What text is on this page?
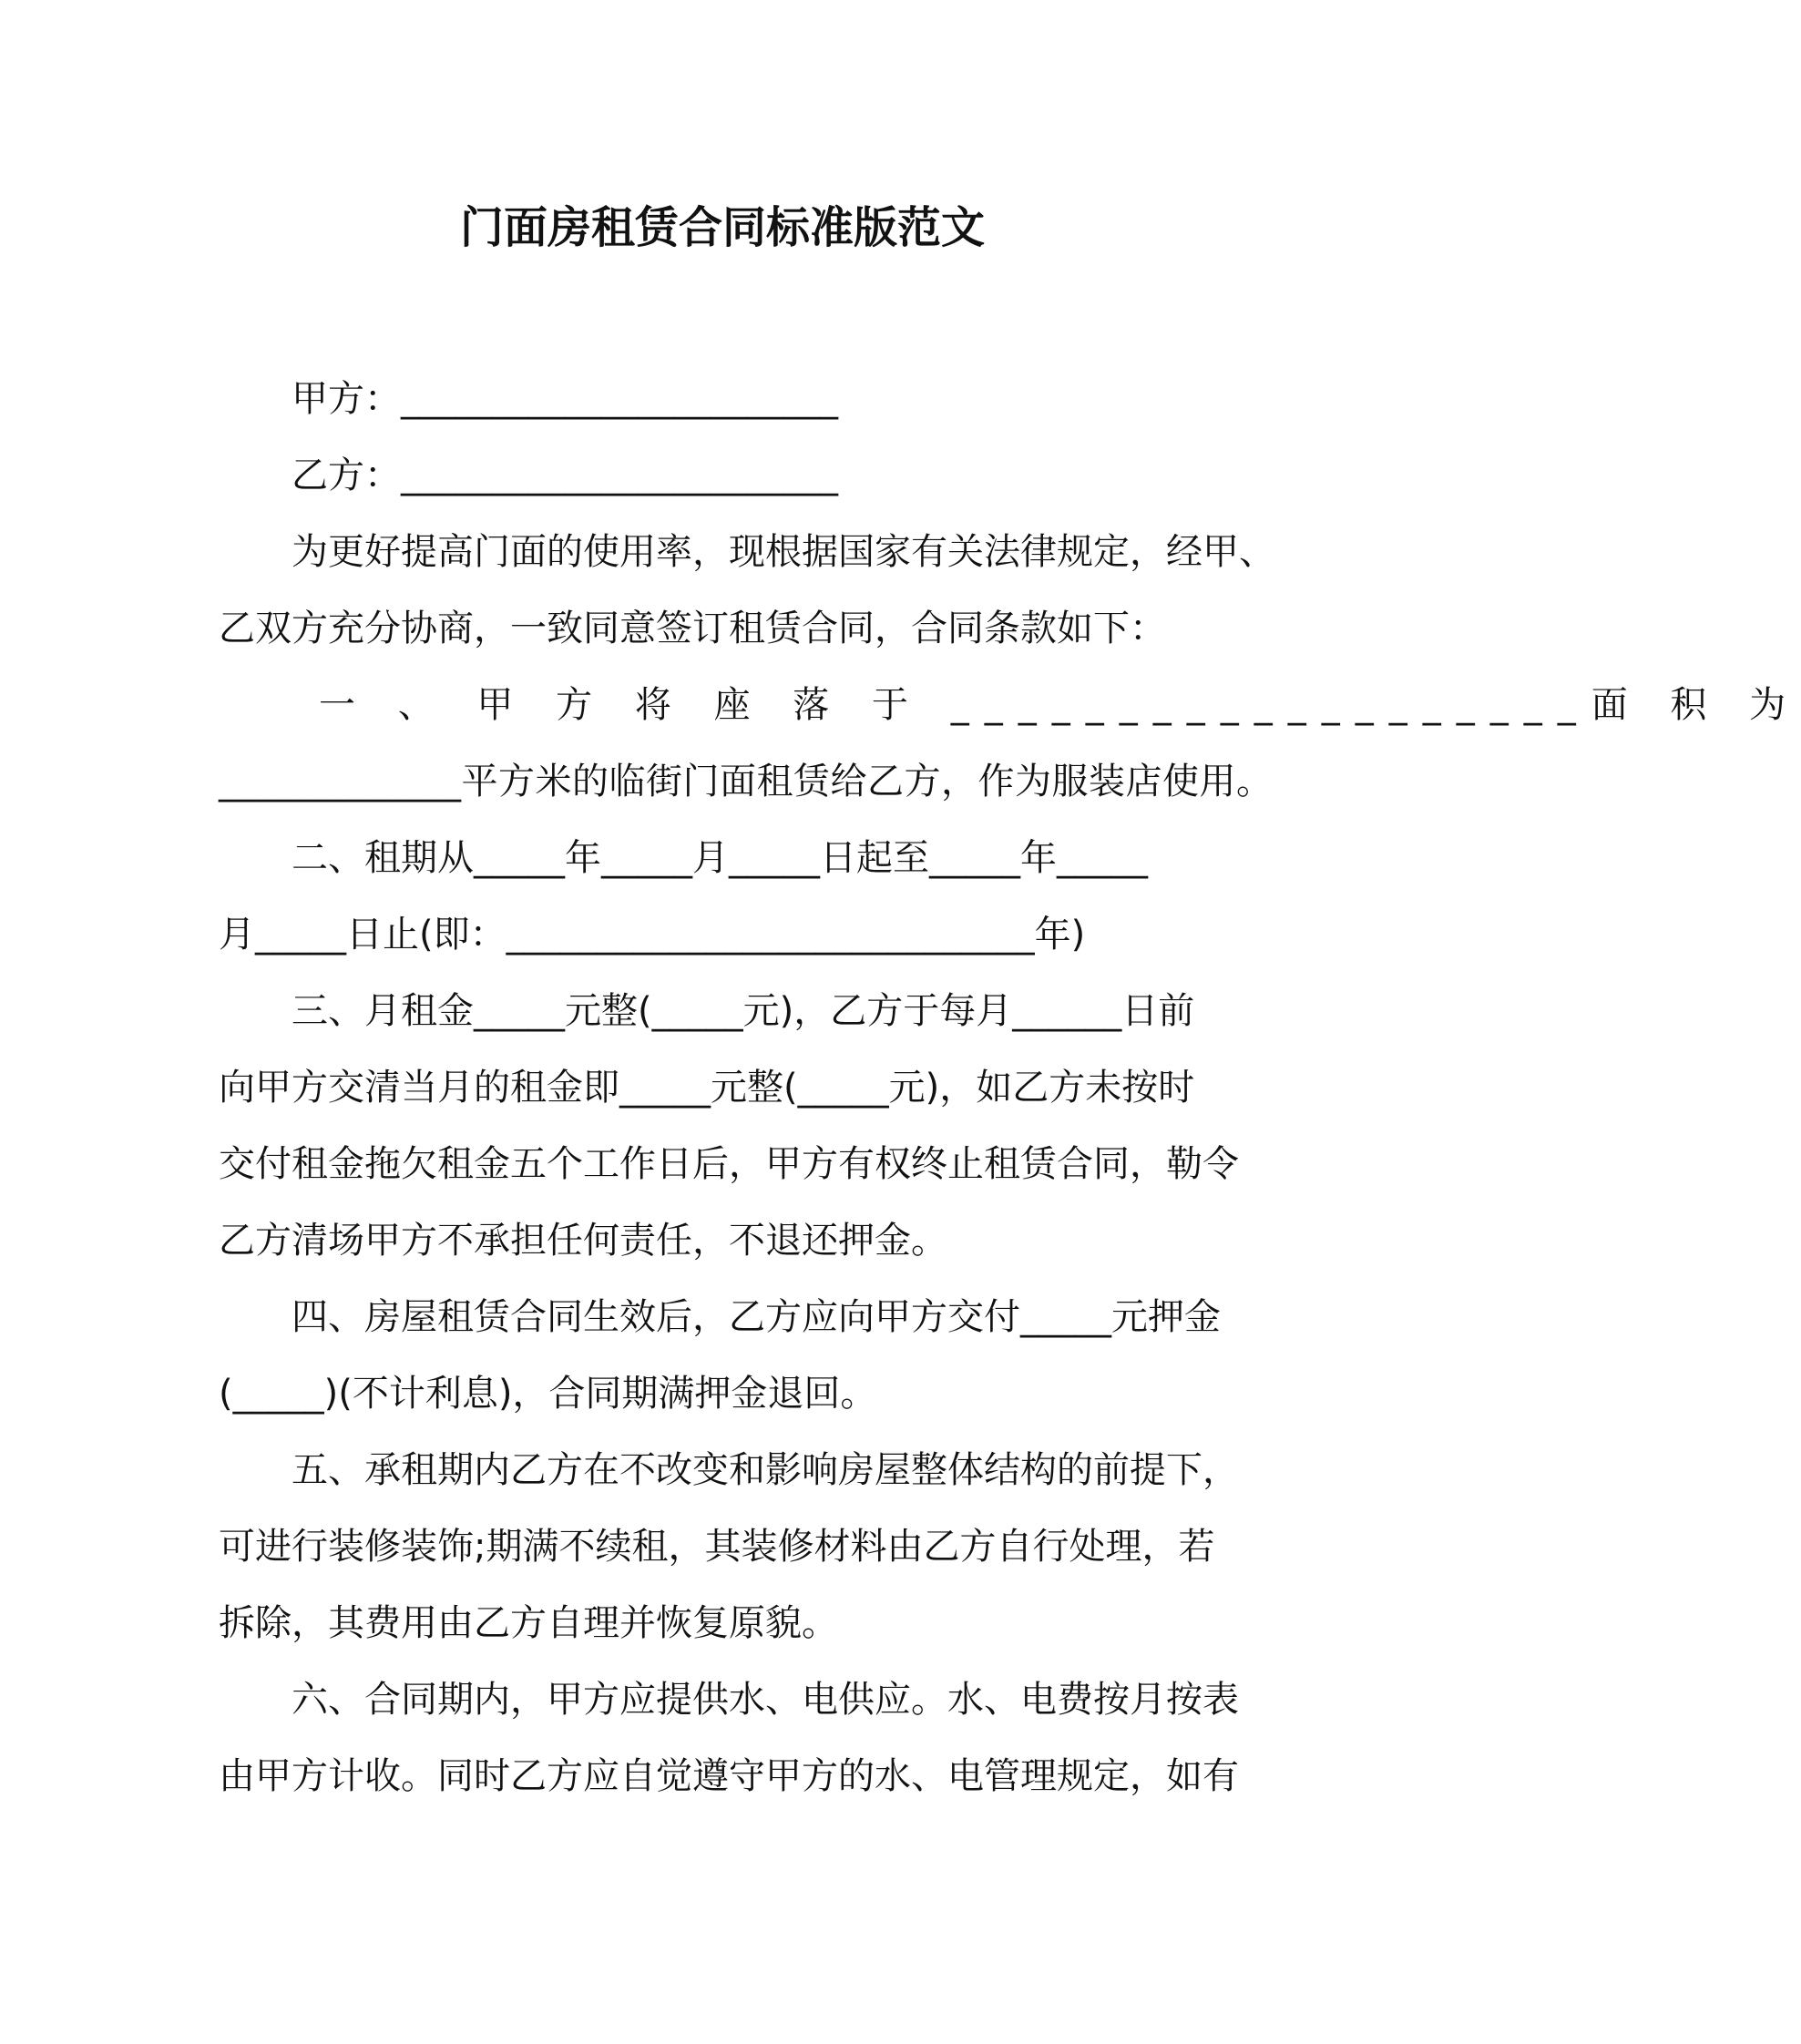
门面房租赁合同标准版范文
甲方：________________________
乙方：________________________
为更好提高门面的使用率，现根据国家有关法律规定，经甲、
乙双方充分协商，一致同意签订租赁合同，合同条款如下：
一 、 甲 方 将 座 落 于 ___________________面 积 为
_____________平方米的临街门面租赁给乙方，作为服装店使用。
二、租期从_____年_____月_____日起至_____年_____
月_____日止(即：_____________________________年)
三、月租金_____元整(_____元)，乙方于每月______日前
向甲方交清当月的租金即_____元整(_____元)，如乙方未按时
交付租金拖欠租金五个工作日后，甲方有权终止租赁合同，勒令
乙方清场甲方不承担任何责任，不退还押金。
四、房屋租赁合同生效后，乙方应向甲方交付_____元押金
(_____)(不计利息)，合同期满押金退回。
五、承租期内乙方在不改变和影响房屋整体结构的前提下，
可进行装修装饰;期满不续租，其装修材料由乙方自行处理，若
拆除，其费用由乙方自理并恢复原貌。
六、合同期内，甲方应提供水、电供应。水、电费按月按表
由甲方计收。同时乙方应自觉遵守甲方的水、电管理规定，如有
